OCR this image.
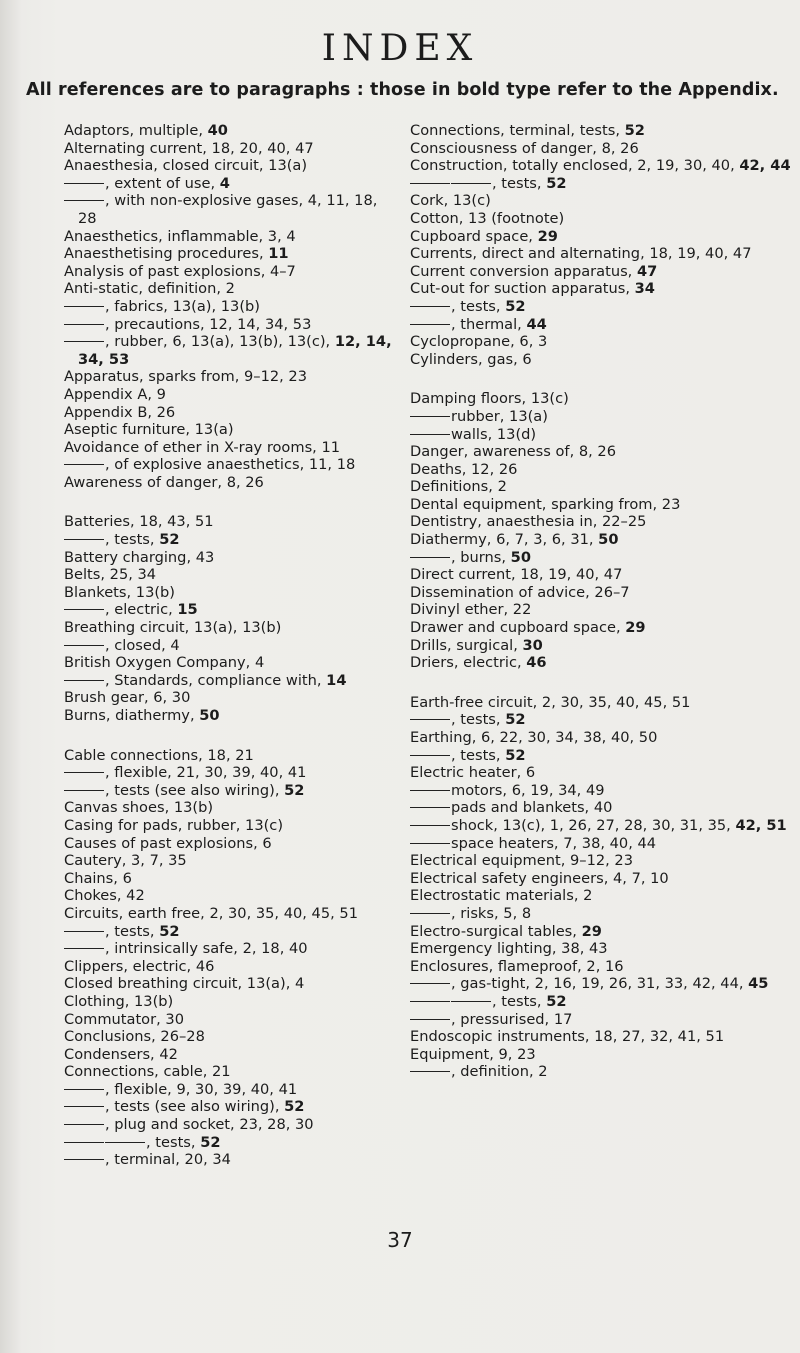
INDEX

All references are to paragraphs : those in bold type refer to the Appendix.

Adaptors, multiple, 40
Alternating current, 18, 20, 40, 47
Anaesthesia, closed circuit, 13(a)
, extent of use, 4
, with non-explosive gases, 4, 11, 18, 28
Anaesthetics, inflammable, 3, 4
Anaesthetising procedures, 11
Analysis of past explosions, 4–7
Anti-static, definition, 2
, fabrics, 13(a), 13(b)
, precautions, 12, 14, 34, 53
, rubber, 6, 13(a), 13(b), 13(c), 12, 14, 34, 53
Apparatus, sparks from, 9–12, 23
Appendix A, 9
Appendix B, 26
Aseptic furniture, 13(a)
Avoidance of ether in X-ray rooms, 11
, of explosive anaesthetics, 11, 18
Awareness of danger, 8, 26
Batteries, 18, 43, 51
, tests, 52
Battery charging, 43
Belts, 25, 34
Blankets, 13(b)
, electric, 15
Breathing circuit, 13(a), 13(b)
, closed, 4
British Oxygen Company, 4
, Standards, compliance with, 14
Brush gear, 6, 30
Burns, diathermy, 50
Cable connections, 18, 21
, flexible, 21, 30, 39, 40, 41
, tests (see also wiring), 52
Canvas shoes, 13(b)
Casing for pads, rubber, 13(c)
Causes of past explosions, 6
Cautery, 3, 7, 35
Chains, 6
Chokes, 42
Circuits, earth free, 2, 30, 35, 40, 45, 51
, tests, 52
, intrinsically safe, 2, 18, 40
Clippers, electric, 46
Closed breathing circuit, 13(a), 4
Clothing, 13(b)
Commutator, 30
Conclusions, 26–28
Condensers, 42
Connections, cable, 21
, flexible, 9, 30, 39, 40, 41
, tests (see also wiring), 52
, plug and socket, 23, 28, 30
, tests, 52
, terminal, 20, 34
Connections, terminal, tests, 52
Consciousness of danger, 8, 26
Construction, totally enclosed, 2, 19, 30, 40, 42, 44
, tests, 52
Cork, 13(c)
Cotton, 13 (footnote)
Cupboard space, 29
Currents, direct and alternating, 18, 19, 40, 47
Current conversion apparatus, 47
Cut-out for suction apparatus, 34
, tests, 52
, thermal, 44
Cyclopropane, 6, 3
Cylinders, gas, 6
Damping floors, 13(c)
rubber, 13(a)
walls, 13(d)
Danger, awareness of, 8, 26
Deaths, 12, 26
Definitions, 2
Dental equipment, sparking from, 23
Dentistry, anaesthesia in, 22–25
Diathermy, 6, 7, 3, 6, 31, 50
, burns, 50
Direct current, 18, 19, 40, 47
Dissemination of advice, 26–7
Divinyl ether, 22
Drawer and cupboard space, 29
Drills, surgical, 30
Driers, electric, 46
Earth-free circuit, 2, 30, 35, 40, 45, 51
, tests, 52
Earthing, 6, 22, 30, 34, 38, 40, 50
, tests, 52
Electric heater, 6
motors, 6, 19, 34, 49
pads and blankets, 40
shock, 13(c), 1, 26, 27, 28, 30, 31, 35, 42, 51
space heaters, 7, 38, 40, 44
Electrical equipment, 9–12, 23
Electrical safety engineers, 4, 7, 10
Electrostatic materials, 2
, risks, 5, 8
Electro-surgical tables, 29
Emergency lighting, 38, 43
Enclosures, flameproof, 2, 16
, gas-tight, 2, 16, 19, 26, 31, 33, 42, 44, 45
, tests, 52
, pressurised, 17
Endoscopic instruments, 18, 27, 32, 41, 51
Equipment, 9, 23
, definition, 2

37
